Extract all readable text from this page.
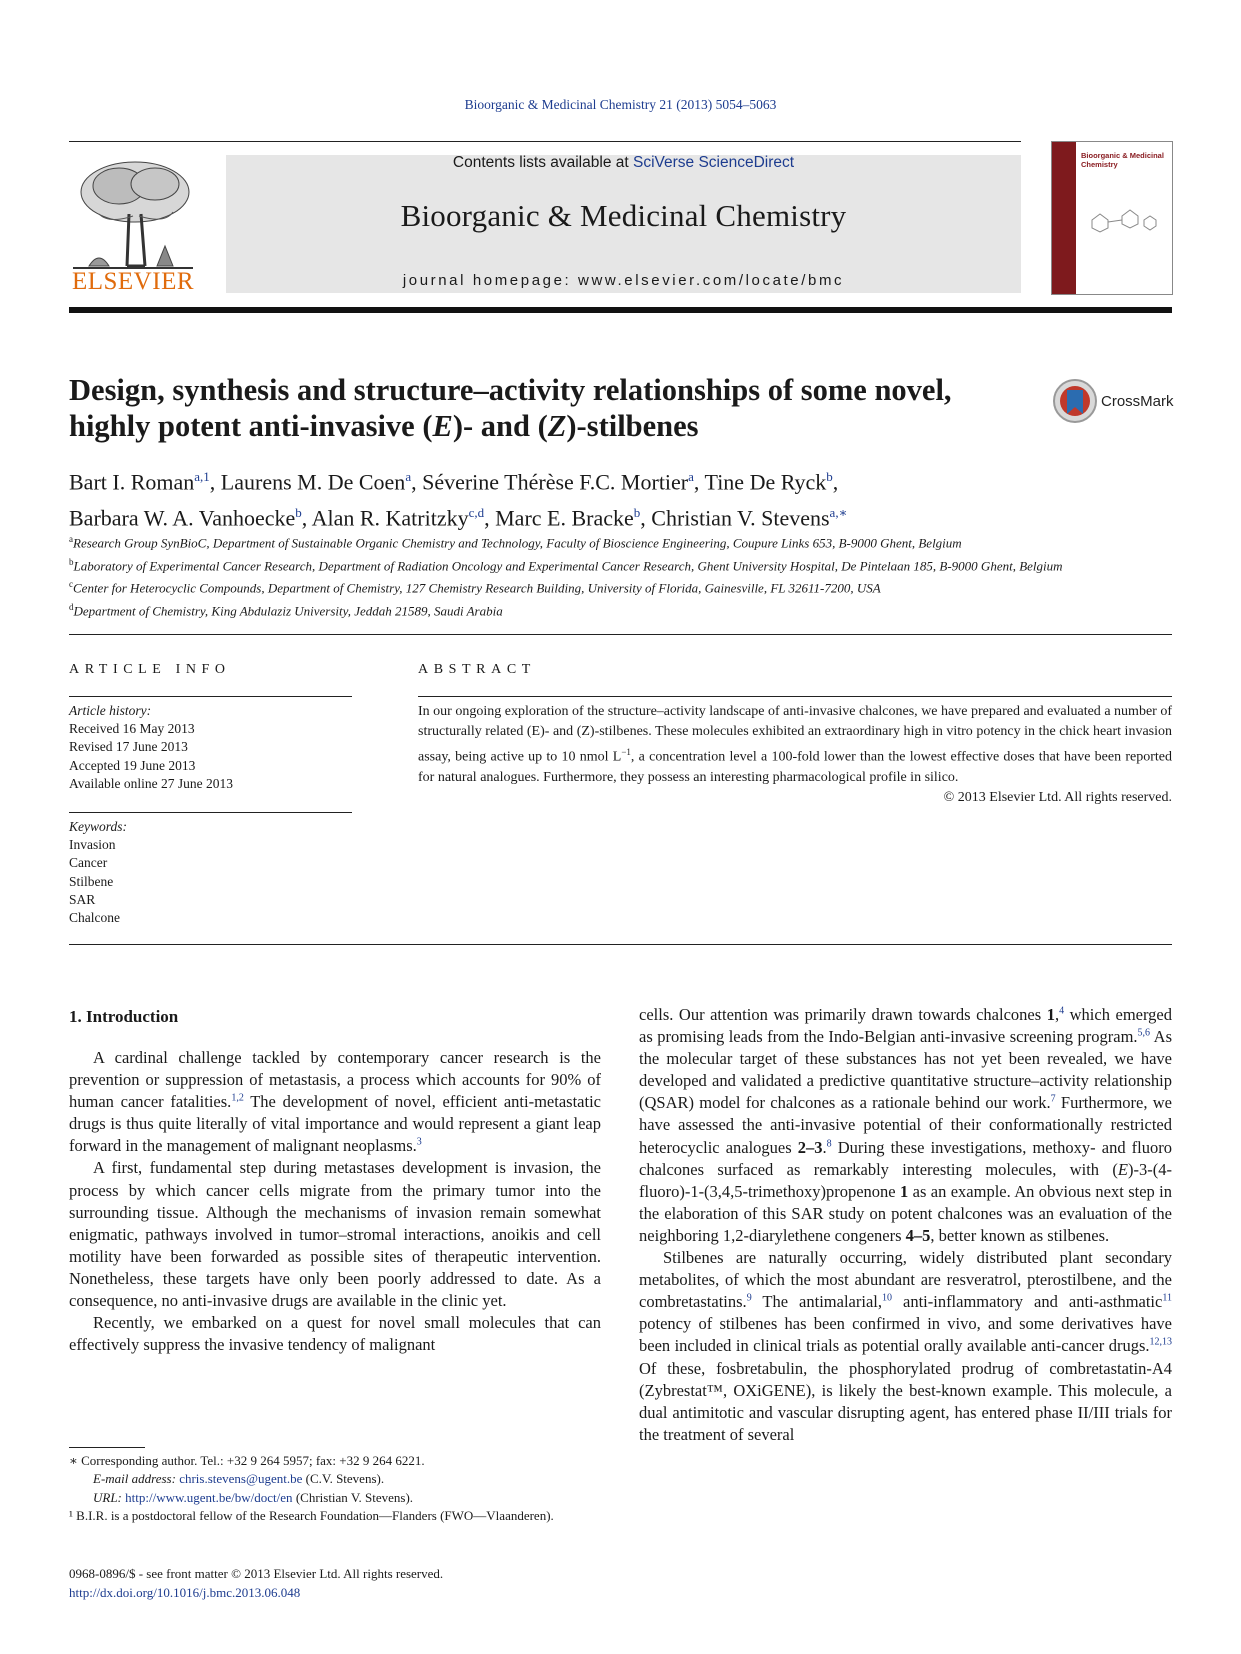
Bioorganic & Medicinal Chemistry 21 (2013) 5054–5063
ELSEVIER
Contents lists available at SciVerse ScienceDirect
Bioorganic & Medicinal Chemistry
journal homepage: www.elsevier.com/locate/bmc
Bioorganic & Medicinal Chemistry
Design, synthesis and structure–activity relationships of some novel,
highly potent anti-invasive (E)- and (Z)-stilbenes
CrossMark
Bart I. Roman$^{a,1}$, Laurens M. De Coen$^a$, Séverine Thérèse F.C. Mortier$^a$, Tine De Ryck$^b$,
Barbara W. A. Vanhoecke$^b$, Alan R. Katritzky$^{c,d}$, Marc E. Bracke$^b$, Christian V. Stevens$^{a,∗}$
$^a$Research Group SynBioC, Department of Sustainable Organic Chemistry and Technology, Faculty of Bioscience Engineering, Coupure Links 653, B-9000 Ghent, Belgium
$^b$Laboratory of Experimental Cancer Research, Department of Radiation Oncology and Experimental Cancer Research, Ghent University Hospital, De Pintelaan 185, B-9000 Ghent, Belgium
$^c$Center for Heterocyclic Compounds, Department of Chemistry, 127 Chemistry Research Building, University of Florida, Gainesville, FL 32611-7200, USA
$^d$Department of Chemistry, King Abdulaziz University, Jeddah 21589, Saudi Arabia
ARTICLE INFO
Article history:
Received 16 May 2013
Revised 17 June 2013
Accepted 19 June 2013
Available online 27 June 2013
Keywords:
Invasion
Cancer
Stilbene
SAR
Chalcone
ABSTRACT
In our ongoing exploration of the structure–activity landscape of anti-invasive chalcones, we have prepared and evaluated a number of structurally related (E)- and (Z)-stilbenes. These molecules exhibited an extraordinary high in vitro potency in the chick heart invasion assay, being active up to 10 nmol $L^{-1}$, a concentration level a 100-fold lower than the lowest effective doses that have been reported for natural analogues. Furthermore, they possess an interesting pharmacological profile in silico.
© 2013 Elsevier Ltd. All rights reserved.
1. Introduction

A cardinal challenge tackled by contemporary cancer research is the prevention or suppression of metastasis, a process which accounts for 90% of human cancer fatalities.$^{1,2}$ The development of novel, efficient anti-metastatic drugs is thus quite literally of vital importance and would represent a giant leap forward in the management of malignant neoplasms.$^3$

A first, fundamental step during metastases development is invasion, the process by which cancer cells migrate from the primary tumor into the surrounding tissue. Although the mechanisms of invasion remain somewhat enigmatic, pathways involved in tumor–stromal interactions, anoikis and cell motility have been forwarded as possible sites of therapeutic intervention. Nonetheless, these targets have only been poorly addressed to date. As a consequence, no anti-invasive drugs are available in the clinic yet.

Recently, we embarked on a quest for novel small molecules that can effectively suppress the invasive tendency of malignant

cells. Our attention was primarily drawn towards chalcones 1,$^4$ which emerged as promising leads from the Indo-Belgian anti-invasive screening program.$^{5,6}$ As the molecular target of these substances has not yet been revealed, we have developed and validated a predictive quantitative structure–activity relationship (QSAR) model for chalcones as a rationale behind our work.$^7$ Furthermore, we have assessed the anti-invasive potential of their conformationally restricted heterocyclic analogues 2–3.$^8$ During these investigations, methoxy- and fluoro chalcones surfaced as remarkably interesting molecules, with (E)-3-(4-fluoro)-1-(3,4,5-trimethoxy)propenone 1 as an example. An obvious next step in the elaboration of this SAR study on potent chalcones was an evaluation of the neighboring 1,2-diarylethene congeners 4–5, better known as stilbenes.

Stilbenes are naturally occurring, widely distributed plant secondary metabolites, of which the most abundant are resveratrol, pterostilbene, and the combretastatins.$^9$ The antimalarial,$^{10}$ anti-inflammatory and anti-asthmatic$^{11}$ potency of stilbenes has been confirmed in vivo, and some derivatives have been included in clinical trials as potential orally available anti-cancer drugs.$^{12,13}$ Of these, fosbretabulin, the phosphorylated prodrug of combretastatin-A4 (Zybrestat™, OXiGENE), is likely the best-known example. This molecule, a dual antimitotic and vascular disrupting agent, has entered phase II/III trials for the treatment of several

∗ Corresponding author. Tel.: +32 9 264 5957; fax: +32 9 264 6221.

E-mail address: chris.stevens@ugent.be (C.V. Stevens).

URL: http://www.ugent.be/bw/doct/en (Christian V. Stevens).

¹ B.I.R. is a postdoctoral fellow of the Research Foundation—Flanders (FWO—Vlaanderen).

0968-0896/$ - see front matter © 2013 Elsevier Ltd. All rights reserved.
http://dx.doi.org/10.1016/j.bmc.2013.06.048
